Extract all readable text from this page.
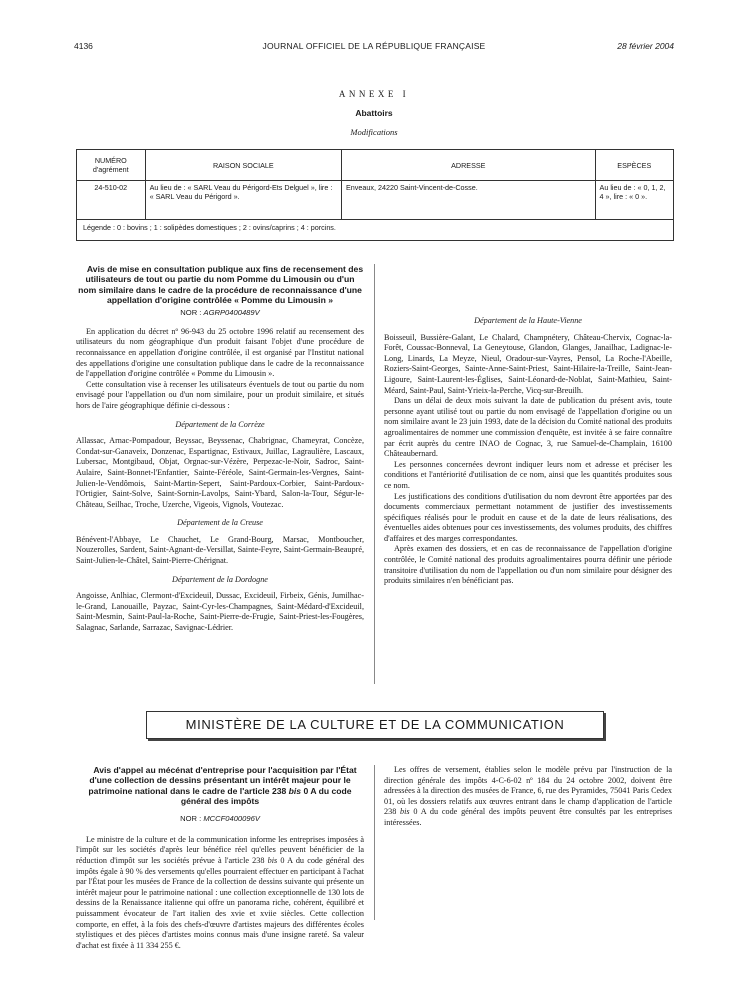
4136	JOURNAL OFFICIEL DE LA RÉPUBLIQUE FRANÇAISE	28 février 2004
ANNEXE I
Abattoirs
Modifications
NUMÉRO d'agrément	RAISON SOCIALE	ADRESSE	ESPÈCES
24-510-02	Au lieu de : « SARL Veau du Périgord-Ets Delguel », lire : « SARL Veau du Périgord ».	Enveaux, 24220 Saint-Vincent-de-Cosse.	Au lieu de : « 0, 1, 2, 4 », lire : « 0 ».
Légende : 0 : bovins ; 1 : solipèdes domestiques ; 2 : ovins/caprins ; 4 : porcins.			

Avis de mise en consultation publique aux fins de recensement des utilisateurs de tout ou partie du nom Pomme du Limousin ou d'un nom similaire dans le cadre de la procédure de reconnaissance d'une appellation d'origine contrôlée « Pomme du Limousin »

NOR : AGRP0400489V

En application du décret nº 96-943 du 25 octobre 1996 relatif au recensement des utilisateurs du nom géographique d'un produit faisant l'objet d'une procédure de reconnaissance en appellation d'origine contrôlée, il est organisé par l'Institut national des appellations d'origine une consultation publique dans le cadre de la reconnaissance de l'appellation d'origine contrôlée « Pomme du Limousin ».

Cette consultation vise à recenser les utilisateurs éventuels de tout ou partie du nom envisagé pour l'appellation ou d'un nom similaire, pour un produit similaire, et situés hors de l'aire géographique définie ci-dessous :

Département de la Corrèze

Allassac, Arnac-Pompadour, Beyssac, Beyssenac, Chabrignac, Chameyrat, Concèze, Condat-sur-Ganaveix, Donzenac, Espartignac, Estivaux, Juillac, Lagraulière, Lascaux, Lubersac, Montgibaud, Objat, Orgnac-sur-Vézère, Perpezac-le-Noir, Sadroc, Saint-Aulaire, Saint-Bonnet-l'Enfantier, Sainte-Féréole, Saint-Germain-les-Vergnes, Saint-Julien-le-Vendômois, Saint-Martin-Sepert, Saint-Pardoux-Corbier, Saint-Pardoux-l'Ortigier, Saint-Solve, Saint-Sornin-Lavolps, Saint-Ybard, Salon-la-Tour, Ségur-le-Château, Seilhac, Troche, Uzerche, Vigeois, Vignols, Voutezac.

Département de la Creuse

Bénévent-l'Abbaye, Le Chauchet, Le Grand-Bourg, Marsac, Montboucher, Nouzerolles, Sardent, Saint-Agnant-de-Versillat, Sainte-Feyre, Saint-Germain-Beaupré, Saint-Julien-le-Châtel, Saint-Pierre-Chérignat.

Département de la Dordogne

Angoisse, Anlhiac, Clermont-d'Excideuil, Dussac, Excideuil, Firbeix, Génis, Jumilhac-le-Grand, Lanouaille, Payzac, Saint-Cyr-les-Champagnes, Saint-Médard-d'Excideuil, Saint-Mesmin, Saint-Paul-la-Roche, Saint-Pierre-de-Frugie, Saint-Priest-les-Fougères, Salagnac, Sarlande, Sarrazac, Savignac-Lédrier.

Département de la Haute-Vienne

Boisseuil, Bussière-Galant, Le Chalard, Champnétery, Château-Chervix, Cognac-la-Forêt, Coussac-Bonneval, La Geneytouse, Glandon, Glanges, Janailhac, Ladignac-le-Long, Linards, La Meyze, Nieul, Oradour-sur-Vayres, Pensol, La Roche-l'Abeille, Roziers-Saint-Georges, Sainte-Anne-Saint-Priest, Saint-Hilaire-la-Treille, Saint-Jean-Ligoure, Saint-Laurent-les-Églises, Saint-Léonard-de-Noblat, Saint-Mathieu, Saint-Méard, Saint-Paul, Saint-Yrieix-la-Perche, Vicq-sur-Breuilh.

Dans un délai de deux mois suivant la date de publication du présent avis, toute personne ayant utilisé tout ou partie du nom envisagé de l'appellation d'origine ou un nom similaire avant le 23 juin 1993, date de la décision du Comité national des produits agroalimentaires de nommer une commission d'enquête, est invitée à se faire connaître par écrit auprès du centre INAO de Cognac, 3, rue Samuel-de-Champlain, 16100 Châteaubernard.

Les personnes concernées devront indiquer leurs nom et adresse et préciser les conditions et l'antériorité d'utilisation de ce nom, ainsi que les quantités produites sous ce nom.

Les justifications des conditions d'utilisation du nom devront être apportées par des documents commerciaux permettant notamment de justifier des investissements spécifiques réalisés pour le produit en cause et de la date de leurs réalisations, des éventuelles aides obtenues pour ces investissements, des volumes produits, des chiffres d'affaires et des marges correspondantes.

Après examen des dossiers, et en cas de reconnaissance de l'appellation d'origine contrôlée, le Comité national des produits agroalimentaires pourra définir une période transitoire d'utilisation du nom de l'appellation ou d'un nom similaire pour désigner des produits similaires n'en bénéficiant pas.

MINISTÈRE DE LA CULTURE ET DE LA COMMUNICATION

Avis d'appel au mécénat d'entreprise pour l'acquisition par l'État d'une collection de dessins présentant un intérêt majeur pour le patrimoine national dans le cadre de l'article 238 bis 0 A du code général des impôts

NOR : MCCF0400096V

Le ministre de la culture et de la communication informe les entreprises imposées à l'impôt sur les sociétés d'après leur bénéfice réel qu'elles peuvent bénéficier de la réduction d'impôt sur les sociétés prévue à l'article 238 bis 0 A du code général des impôts égale à 90 % des versements qu'elles pourraient effectuer en participant à l'achat par l'État pour les musées de France de la collection de dessins suivante qui présente un intérêt majeur pour le patrimoine national : une collection exceptionnelle de 130 lots de dessins de la Renaissance italienne qui offre un panorama riche, cohérent, équilibré et puissamment évocateur de l'art italien des xvie et xviie siècles. Cette collection comporte, en effet, à la fois des chefs-d'œuvre d'artistes majeurs des différentes écoles stylistiques et des pièces d'artistes moins connus mais d'une insigne rareté. Sa valeur d'achat est fixée à 11 334 255 €.

Les offres de versement, établies selon le modèle prévu par l'instruction de la direction générale des impôts 4-C-6-02 nº 184 du 24 octobre 2002, doivent être adressées à la direction des musées de France, 6, rue des Pyramides, 75041 Paris Cedex 01, où les dossiers relatifs aux œuvres entrant dans le champ d'application de l'article 238 bis 0 A du code général des impôts peuvent être consultés par les entreprises intéressées.
